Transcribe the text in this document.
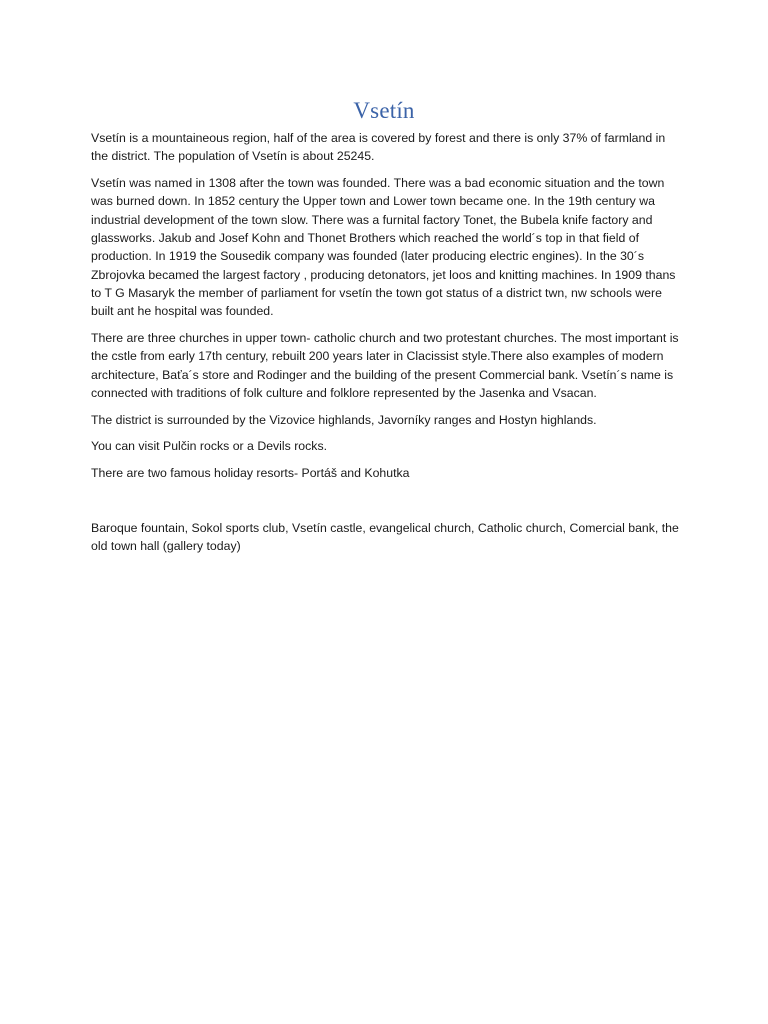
Vsetín

Vsetín is a mountaineous region, half of the area is covered by forest and there is only 37% of farmland in the district. The population of Vsetín is about 25245.

Vsetín was named in 1308 after the town was founded. There was a bad economic situation and the town was burned down. In 1852 century the Upper town and Lower town became one. In the 19th century wa industrial development of the town slow. There was a furnital factory Tonet, the Bubela knife factory and glassworks. Jakub and Josef Kohn and Thonet Brothers which reached the world´s top in that field of production. In 1919 the Sousedik company was founded (later producing electric engines). In the 30´s Zbrojovka becamed the largest factory , producing detonators, jet loos and knitting machines. In 1909 thans to T G Masaryk the member of parliament for vsetín the town got status of a district twn, nw schools were built ant he hospital was founded.

There are three churches in upper town- catholic church and two protestant churches. The most important is the cstle from early 17th century, rebuilt 200 years later in Clacissist style.There also examples of modern architecture, Baťa´s store and Rodinger and the building of the present Commercial bank. Vsetín´s name is connected with traditions of folk culture and folklore represented by the Jasenka and Vsacan.

The district is surrounded by the Vizovice highlands, Javorníky ranges and Hostyn highlands.

You can visit Pulčin rocks or a Devils rocks.

There are two famous holiday resorts- Portáš and Kohutka

Baroque fountain, Sokol sports club, Vsetín castle, evangelical church, Catholic church, Comercial bank, the old town hall (gallery today)
